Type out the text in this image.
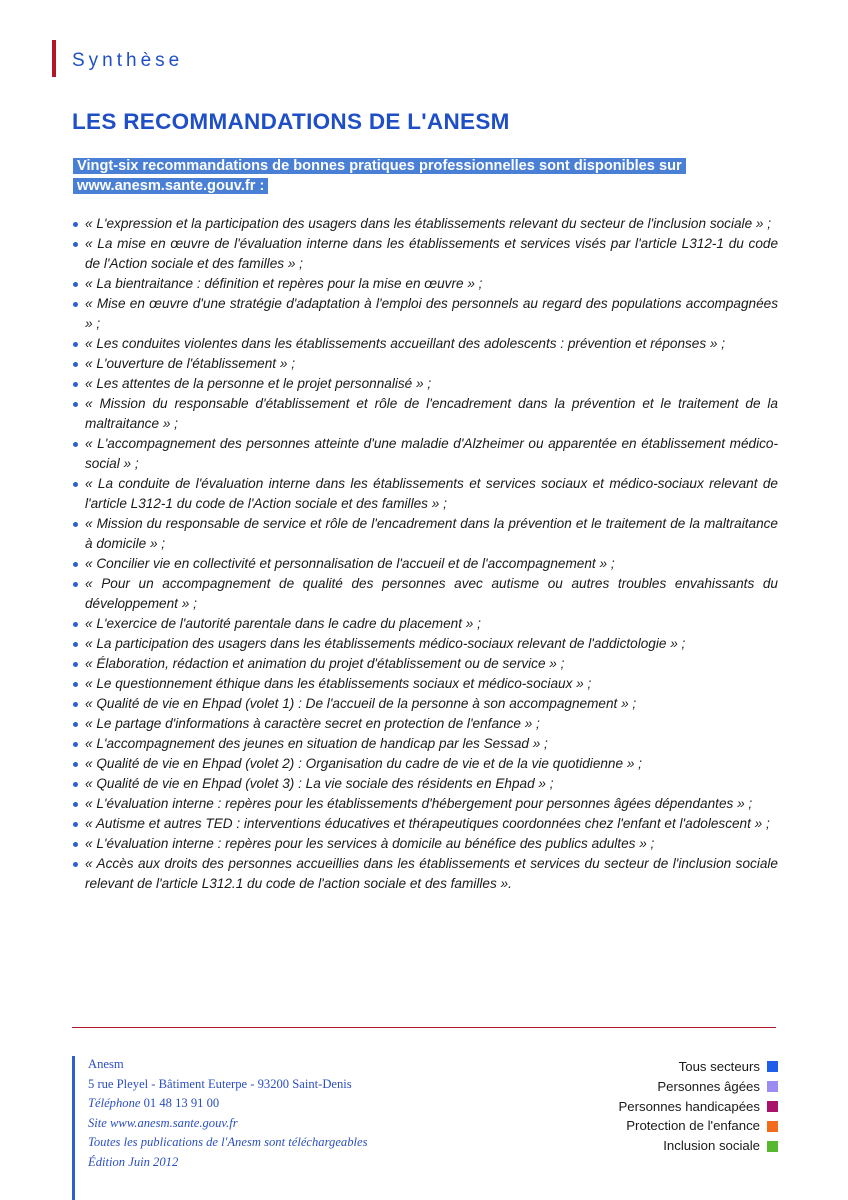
Synthèse
LES RECOMMANDATIONS DE L'ANESM
Vingt-six recommandations de bonnes pratiques professionnelles sont disponibles sur
www.anesm.sante.gouv.fr :
« L'expression et la participation des usagers dans les établissements relevant du secteur de l'inclusion sociale » ;
« La mise en œuvre de l'évaluation interne dans les établissements et services visés par l'article L312-1 du code de l'Action sociale et des familles » ;
« La bientraitance : définition et repères pour la mise en œuvre » ;
« Mise en œuvre d'une stratégie d'adaptation à l'emploi des personnels au regard des populations accompagnées » ;
« Les conduites violentes dans les établissements accueillant des adolescents : prévention et réponses » ;
« L'ouverture de l'établissement » ;
« Les attentes de la personne et le projet personnalisé » ;
« Mission du responsable d'établissement et rôle de l'encadrement dans la prévention et le traitement de la maltraitance » ;
« L'accompagnement des personnes atteinte d'une maladie d'Alzheimer ou apparentée en établissement médico-social » ;
« La conduite de l'évaluation interne dans les établissements et services sociaux et médico-sociaux relevant de l'article L312-1 du code de l'Action sociale et des familles » ;
« Mission du responsable de service et rôle de l'encadrement dans la prévention et le traitement de la maltraitance à domicile » ;
« Concilier vie en collectivité et personnalisation de l'accueil et de l'accompagnement » ;
« Pour un accompagnement de qualité des personnes avec autisme ou autres troubles envahissants du développement » ;
« L'exercice de l'autorité parentale dans le cadre du placement » ;
« La participation des usagers dans les établissements médico-sociaux relevant de l'addictologie » ;
« Élaboration, rédaction et animation du projet d'établissement ou de service » ;
« Le questionnement éthique dans les établissements sociaux et médico-sociaux » ;
« Qualité de vie en Ehpad (volet 1) : De l'accueil de la personne à son accompagnement » ;
« Le partage d'informations à caractère secret en protection de l'enfance » ;
« L'accompagnement des jeunes en situation de handicap par les Sessad » ;
« Qualité de vie en Ehpad (volet 2) : Organisation du cadre de vie et de la vie quotidienne » ;
« Qualité de vie en Ehpad (volet 3) : La vie sociale des résidents en Ehpad » ;
« L'évaluation interne : repères pour les établissements d'hébergement pour personnes âgées dépendantes » ;
« Autisme et autres TED : interventions éducatives et thérapeutiques coordonnées chez l'enfant et l'adolescent » ;
« L'évaluation interne : repères pour les services à domicile au bénéfice des publics adultes » ;
« Accès aux droits des personnes accueillies dans les établissements et services du secteur de l'inclusion sociale relevant de l'article L312.1 du code de l'action sociale et des familles ».
Anesm
5 rue Pleyel - Bâtiment Euterpe - 93200 Saint-Denis
Téléphone 01 48 13 91 00
Site www.anesm.sante.gouv.fr
Toutes les publications de l'Anesm sont téléchargeables
Édition Juin 2012
Tous secteurs
Personnes âgées
Personnes handicapées
Protection de l'enfance
Inclusion sociale
